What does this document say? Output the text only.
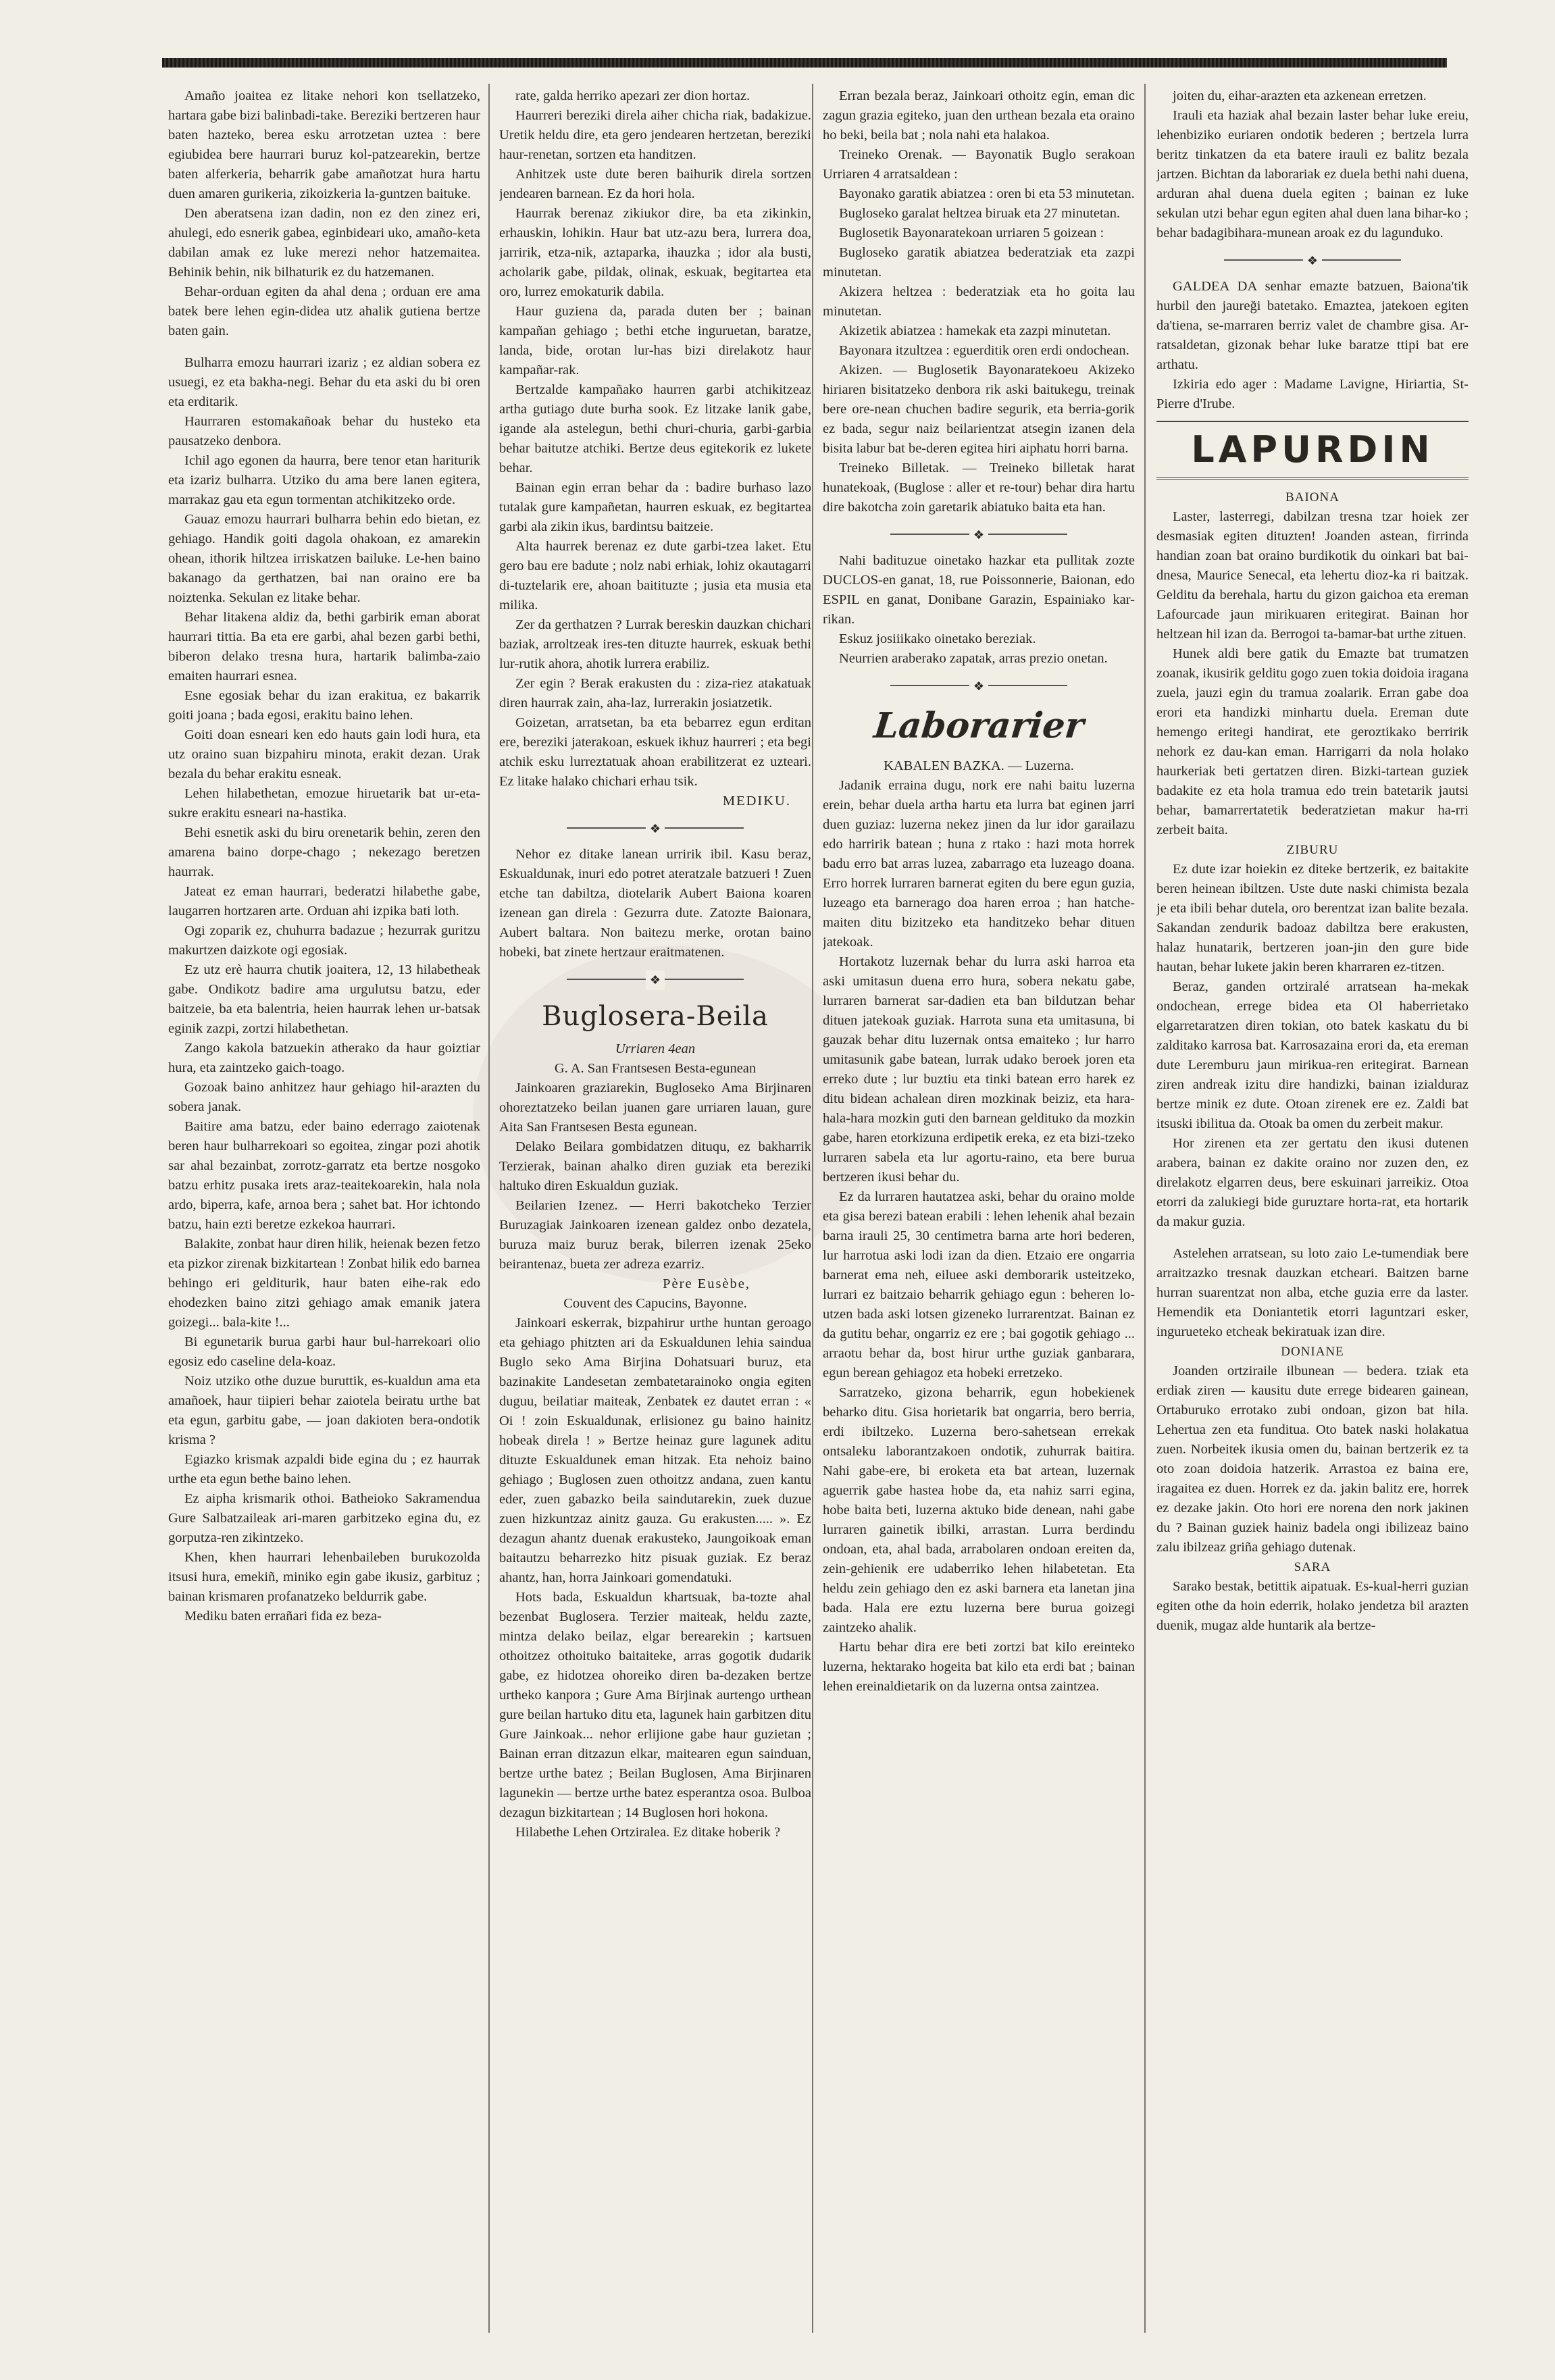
Amaño joaitea ez litake nehori kon tsellatzeko, hartara gabe bizi balinbadi-take. Bereziki bertzeren haur baten hazteko, berea esku arrotzetan uztea : bere egiubidea bere haurrari buruz kol-patzearekin, bertze baten alferkeria, beharrik gabe amañotzat hura hartu duen amaren gurikeria, zikoizkeria la-guntzen baituke.

Den aberatsena izan dadin, non ez den zinez eri, ahulegi, edo esnerik gabea, eginbideari uko, amaño-keta dabilan amak ez luke merezi nehor hatzemaitea. Behinik behin, nik bilhaturik ez du hatzemanen.

Behar-orduan egiten da ahal dena ; orduan ere ama batek bere lehen egin-didea utz ahalik gutiena bertze baten gain.

Bulharra emozu haurrari izariz ; ez aldian sobera ez usuegi, ez eta bakha-negi. Behar du eta aski du bi oren eta erditarik.

Haurraren estomakañoak behar du husteko eta pausatzeko denbora.

Ichil ago egonen da haurra, bere tenor etan hariturik eta izariz bulharra. Utziko du ama bere lanen egitera, marrakaz gau eta egun tormentan atchikitzeko orde.

Gauaz emozu haurrari bulharra behin edo bietan, ez gehiago. Handik goiti dagola ohakoan, ez amarekin ohean, ithorik hiltzea irriskatzen bailuke. Le-hen baino bakanago da gerthatzen, bai nan oraino ere ba noiztenka. Sekulan ez litake behar.

Behar litakena aldiz da, bethi garbirik eman aborat haurrari tittia. Ba eta ere garbi, ahal bezen garbi bethi, biberon delako tresna hura, hartarik balimba-zaio emaiten haurrari esnea.

Esne egosiak behar du izan erakitua, ez bakarrik goiti joana ; bada egosi, erakitu baino lehen.

Goiti doan esneari ken edo hauts gain lodi hura, eta utz oraino suan bizpahiru minota, erakit dezan. Urak bezala du behar erakitu esneak.

Lehen hilabethetan, emozue hiruetarik bat ur-eta-sukre erakitu esneari na-hastika.

Behi esnetik aski du biru orenetarik behin, zeren den amarena baino dorpe-chago ; nekezago beretzen haurrak.

Jateat ez eman haurrari, bederatzi hilabethe gabe, laugarren hortzaren arte. Orduan ahi izpika bati loth.

Ogi zoparik ez, chuhurra badazue ; hezurrak guritzu makurtzen daizkote ogi egosiak.

Ez utz erè haurra chutik joaitera, 12, 13 hilabetheak gabe. Ondikotz badire ama urgulutsu batzu, eder baitzeie, ba eta balentria, heien haurrak lehen ur-batsak eginik zazpi, zortzi hilabethetan.

Zango kakola batzuekin atherako da haur goiztiar hura, eta zaintzeko gaich-toago.

Gozoak baino anhitzez haur gehiago hil-arazten du sobera janak.

Baitire ama batzu, eder baino ederrago zaiotenak beren haur bulharrekoari so egoitea, zingar pozi ahotik sar ahal bezainbat, zorrotz-garratz eta bertze nosgoko batzu erhitz pusaka irets araz-teaitekoarekin, hala nola ardo, biperra, kafe, arnoa bera ; sahet bat. Hor ichtondo batzu, hain ezti beretze ezkekoa haurrari.

Balakite, zonbat haur diren hilik, heienak bezen fetzo eta pizkor zirenak bizkitartean ! Zonbat hilik edo barnea behingo eri gelditurik, haur baten eihe-rak edo ehodezken baino zitzi gehiago amak emanik jatera goizegi... bala-kite !...

Bi egunetarik burua garbi haur bul-harrekoari olio egosiz edo caseline dela-koaz.

Noiz utziko othe duzue buruttik, es-kualdun ama eta amañoek, haur tiipieri behar zaiotela beiratu urthe bat eta egun, garbitu gabe, — joan dakioten bera-ondotik krisma ?

Egiazko krismak azpaldi bide egina du ; ez haurrak urthe eta egun bethe baino lehen.

Ez aipha krismarik othoi. Batheioko Sakramendua Gure Salbatzaileak ari-maren garbitzeko egina du, ez gorputza-ren zikintzeko.

Khen, khen haurrari lehenbaileben burukozolda itsusi hura, emekiñ, miniko egin gabe ikusiz, garbituz ; bainan krismaren profanatzeko beldurrik gabe.

Mediku baten errañari fida ez beza-

rate, galda herriko apezari zer dion hortaz.

Haurreri bereziki direla aiher chicha riak, badakizue. Uretik heldu dire, eta gero jendearen hertzetan, bereziki haur-renetan, sortzen eta handitzen.

Anhitzek uste dute beren baihurik direla sortzen jendearen barnean. Ez da hori hola.

Haurrak berenaz zikiukor dire, ba eta zikinkin, erhauskin, lohikin. Haur bat utz-azu bera, lurrera doa, jarririk, etza-nik, aztaparka, ihauzka ; idor ala busti, acholarik gabe, pildak, olinak, eskuak, begitartea eta oro, lurrez emokaturik dabila.

Haur guziena da, parada duten ber ; bainan kampañan gehiago ; bethi etche inguruetan, baratze, landa, bide, orotan lur-has bizi direlakotz haur kampañar-rak.

Bertzalde kampañako haurren garbi atchikitzeaz artha gutiago dute burha sook. Ez litzake lanik gabe, igande ala astelegun, bethi churi-churia, garbi-garbia behar baitutze atchiki. Bertze deus egitekorik ez lukete behar.

Bainan egin erran behar da : badire burhaso lazo tutalak gure kampañetan, haurren eskuak, ez begitartea garbi ala zikin ikus, bardintsu baitzeie.

Alta haurrek berenaz ez dute garbi-tzea laket. Etu gero bau ere badute ; nolz nabi erhiak, lohiz okautagarri di-tuztelarik ere, ahoan baitituzte ; jusia eta musia eta milika.

Zer da gerthatzen ? Lurrak bereskin dauzkan chichari baziak, arroltzeak ires-ten dituzte haurrek, eskuak bethi lur-rutik ahora, ahotik lurrera erabiliz.

Zer egin ? Berak erakusten du : ziza-riez atakatuak diren haurrak zain, aha-laz, lurrerakin josiatzetik.

Goizetan, arratsetan, ba eta bebarrez egun erditan ere, bereziki jaterakoan, eskuek ikhuz haurreri ; eta begi atchik esku lurreztatuak ahoan erabilitzerat ez uzteari. Ez litake halako chichari erhau tsik.

MEDIKU.

❖

Nehor ez ditake lanean urririk ibil. Kasu beraz, Eskualdunak, inuri edo potret ateratzale batzueri ! Zuen etche tan dabiltza, diotelarik Aubert Baiona koaren izenean gan direla : Gezurra dute. Zatozte Baionara, Aubert baltara. Non baitezu merke, orotan baino hobeki, bat zinete hertzaur eraitmatenen.

❖
Buglosera-Beila

Urriaren 4ean

G. A. San Frantsesen Besta-egunean

Jainkoaren graziarekin, Bugloseko Ama Birjinaren ohoreztatzeko beilan juanen gare urriaren lauan, gure Aita San Frantsesen Besta egunean.

Delako Beilara gombidatzen dituqu, ez bakharrik Terzierak, bainan ahalko diren guziak eta bereziki haltuko diren Eskualdun guziak.

Beilarien Izenez. — Herri bakotcheko Terzier Buruzagiak Jainkoaren izenean galdez onbo dezatela, buruza maiz buruz berak, bilerren izenak 25eko beirantenaz, bueta zer adreza ezarriz.

Père Eusèbe,

Couvent des Capucins, Bayonne.

Jainkoari eskerrak, bizpahirur urthe huntan geroago eta gehiago phitzten ari da Eskualdunen lehia saindua Buglo seko Ama Birjina Dohatsuari buruz, eta bazinakite Landesetan zembatetarainoko ongia egiten duguu, beilatiar maiteak, Zenbatek ez dautet erran : « Oi ! zoin Eskualdunak, erlisionez gu baino hainitz hobeak direla ! » Bertze heinaz gure lagunek aditu dituzte Eskualdunek eman hitzak. Eta nehoiz baino gehiago ; Buglosen zuen othoitzz andana, zuen kantu eder, zuen gabazko beila saindutarekin, zuek duzue zuen hizkuntzaz ainitz gauza. Gu erakusten..... ». Ez dezagun ahantz duenak erakusteko, Jaungoikoak eman baitautzu beharrezko hitz pisuak guziak. Ez beraz ahantz, han, horra Jainkoari gomendatuki.

Hots bada, Eskualdun khartsuak, ba-tozte ahal bezenbat Buglosera. Terzier maiteak, heldu zazte, mintza delako beilaz, elgar berearekin ; kartsuen othoitzez othoituko baitaiteke, arras gogotik dudarik gabe, ez hidotzea ohoreiko diren ba-dezaken bertze urtheko kanpora ; Gure Ama Birjinak aurtengo urthean gure beilan hartuko ditu eta, lagunek hain garbitzen ditu Gure Jainkoak... nehor erlijione gabe haur guzietan ; Bainan erran ditzazun elkar, maitearen egun sainduan, bertze urthe batez ; Beilan Buglosen, Ama Birjinaren lagunekin — bertze urthe batez esperantza osoa. Bulboa dezagun bizkitartean ; 14 Buglosen hori hokona.

Hilabethe Lehen Ortziralea. Ez ditake hoberik ?

Erran bezala beraz, Jainkoari othoitz egin, eman dic zagun grazia egiteko, juan den urthean bezala eta oraino ho beki, beila bat ; nola nahi eta halakoa.

Treineko Orenak. — Bayonatik Buglo serakoan Urriaren 4 arratsaldean :

Bayonako garatik abiatzea : oren bi eta 53 minutetan.

Bugloseko garalat heltzea biruak eta 27 minutetan.

Buglosetik Bayonaratekoan urriaren 5 goizean :

Bugloseko garatik abiatzea bederatziak eta zazpi minutetan.

Akizera heltzea : bederatziak eta ho goita lau minutetan.

Akizetik abiatzea : hamekak eta zazpi minutetan.

Bayonara itzultzea : eguerditik oren erdi ondochean.

Akizen. — Buglosetik Bayonaratekoeu Akizeko hiriaren bisitatzeko denbora rik aski baitukegu, treinak bere ore-nean chuchen badire segurik, eta berria-gorik ez bada, segur naiz beilarientzat atsegin izanen dela bisita labur bat be-deren egitea hiri aiphatu horri barna.

Treineko Billetak. — Treineko billetak harat hunatekoak, (Buglose : aller et re-tour) behar dira hartu dire bakotcha zoin garetarik abiatuko baita eta han.

❖

Nahi badituzue oinetako hazkar eta pullitak zozte DUCLOS-en ganat, 18, rue Poissonnerie, Baionan, edo ESPIL en ganat, Donibane Garazin, Espainiako kar-rikan.

Eskuz josiiikako oinetako bereziak.

Neurrien araberako zapatak, arras prezio onetan.

❖
Laborarier

KABALEN BAZKA. — Luzerna.

Jadanik erraina dugu, nork ere nahi baitu luzerna erein, behar duela artha hartu eta lurra bat eginen jarri duen guziaz: luzerna nekez jinen da lur idor garailazu edo harririk batean ; huna z rtako : hazi mota horrek badu erro bat arras luzea, zabarrago eta luzeago doana. Erro horrek lurraren barnerat egiten du bere egun guzia, luzeago eta barnerago doa haren erroa ; han hatche-maiten ditu bizitzeko eta handitzeko behar dituen jatekoak.

Hortakotz luzernak behar du lurra aski harroa eta aski umitasun duena erro hura, sobera nekatu gabe, lurraren barnerat sar-dadien eta ban bildutzan behar dituen jatekoak guziak. Harrota suna eta umitasuna, bi gauzak behar ditu luzernak ontsa emaiteko ; lur harro umitasunik gabe batean, lurrak udako beroek joren eta erreko dute ; lur buztiu eta tinki batean erro harek ez ditu bidean achalean diren mozkinak beiziz, eta hara-hala-hara mozkin guti den barnean geldituko da mozkin gabe, haren etorkizuna erdipetik ereka, ez eta bizi-tzeko lurraren sabela eta lur agortu-raino, eta bere burua bertzeren ikusi behar du.

Ez da lurraren hautatzea aski, behar du oraino molde eta gisa berezi batean erabili : lehen lehenik ahal bezain barna irauli 25, 30 centimetra barna arte hori bederen, lur harrotua aski lodi izan da dien. Etzaio ere ongarria barnerat ema neh, eiluee aski demborarik usteitzeko, lurrari ez baitzaio beharrik gehiago egun : beheren lo-utzen bada aski lotsen gizeneko lurrarentzat. Bainan ez da gutitu behar, ongarriz ez ere ; bai gogotik gehiago ... arraotu behar da, bost hirur urthe guziak ganbarara, egun berean gehiagoz eta hobeki erretzeko.

Sarratzeko, gizona beharrik, egun hobekienek beharko ditu. Gisa horietarik bat ongarria, bero berria, erdi ibiltzeko. Luzerna bero-sahetsean errekak ontsaleku laborantzakoen ondotik, zuhurrak baitira. Nahi gabe-ere, bi eroketa eta bat artean, luzernak aguerrik gabe hastea hobe da, eta nahiz sarri egina, hobe baita beti, luzerna aktuko bide denean, nahi gabe lurraren gainetik ibilki, arrastan. Lurra berdindu ondoan, eta, ahal bada, arrabolaren ondoan ereiten da, zein-gehienik ere udaberriko lehen hilabetetan. Eta heldu zein gehiago den ez aski barnera eta lanetan jina bada. Hala ere eztu luzerna bere burua goizegi zaintzeko ahalik.

Hartu behar dira ere beti zortzi bat kilo ereinteko luzerna, hektarako hogeita bat kilo eta erdi bat ; bainan lehen ereinaldietarik on da luzerna ontsa zaintzea.

joiten du, eihar-arazten eta azkenean erretzen.

Irauli eta haziak ahal bezain laster behar luke ereiu, lehenbiziko euriaren ondotik bederen ; bertzela lurra beritz tinkatzen da eta batere irauli ez balitz bezala jartzen. Bichtan da laborariak ez duela bethi nahi duena, arduran ahal duena duela egiten ; bainan ez luke sekulan utzi behar egun egiten ahal duen lana bihar-ko ; behar badagibihara-munean aroak ez du lagunduko.

❖

GALDEA DA senhar emazte batzuen, Baiona'tik hurbil den jaureği batetako. Emaztea, jatekoen egiten da'tiena, se-marraren berriz valet de chambre gisa. Ar-ratsaldetan, gizonak behar luke baratze ttipi bat ere arthatu.

Izkiria edo ager : Madame Lavigne, Hiriartia, St-Pierre d'Irube.

LAPURDIN

BAIONA

Laster, lasterregi, dabilzan tresna tzar hoiek zer desmasiak egiten dituzten! Joanden astean, firrinda handian zoan bat oraino burdikotik du oinkari bat bai-dnesa, Maurice Senecal, eta lehertu dioz-ka ri baitzak. Gelditu da berehala, hartu du gizon gaichoa eta ereman Lafourcade jaun mirikuaren eritegirat. Bainan hor heltzean hil izan da. Berrogoi ta-bamar-bat urthe zituen.

Hunek aldi bere gatik du Emazte bat trumatzen zoanak, ikusirik gelditu gogo zuen tokia doidoia iragana zuela, jauzi egin du tramua zoalarik. Erran gabe doa erori eta handizki minhartu duela. Ereman dute hemengo eritegi handirat, ete geroztikako berririk nehork ez dau-kan eman. Harrigarri da nola holako haurkeriak beti gertatzen diren. Bizki-tartean guziek badakite ez eta hola tramua edo trein batetarik jautsi behar, bamarrertatetik bederatzietan makur ha-rri zerbeit baita.

ZIBURU

Ez dute izar hoiekin ez diteke bertzerik, ez baitakite beren heinean ibiltzen. Uste dute naski chimista bezala je eta ibili behar dutela, oro berentzat izan balite bezala. Sakandan zendurik badoaz dabiltza bere erakusten, halaz hunatarik, bertzeren joan-jin den gure bide hautan, behar lukete jakin beren kharraren ez-titzen.

Beraz, ganden ortziralé arratsean ha-mekak ondochean, errege bidea eta Ol haberrietako elgarretaratzen diren tokian, oto batek kaskatu du bi zalditako karrosa bat. Karrosazaina erori da, eta ereman dute Leremburu jaun mirikua-ren eritegirat. Barnean ziren andreak izitu dire handizki, bainan izialduraz bertze minik ez dute. Otoan zirenek ere ez. Zaldi bat itsuski ibilitua da. Otoak ba omen du zerbeit makur.

Hor zirenen eta zer gertatu den ikusi dutenen arabera, bainan ez dakite oraino nor zuzen den, ez direlakotz elgarren deus, bere eskuinari jarreikiz. Otoa etorri da zalukiegi bide guruztare horta-rat, eta hortarik da makur guzia.

Astelehen arratsean, su loto zaio Le-tumendiak bere arraitzazko tresnak dauzkan etcheari. Baitzen barne hurran suarentzat non alba, etche guzia erre da laster. Hemendik eta Doniantetik etorri laguntzari esker, ingurueteko etcheak bekiratuak izan dire.

DONIANE

Joanden ortziraile ilbunean — bedera. tziak eta erdiak ziren — kausitu dute errege bidearen gainean, Ortaburuko errotako zubi ondoan, gizon bat hila. Lehertua zen eta funditua. Oto batek naski holakatua zuen. Norbeitek ikusia omen du, bainan bertzerik ez ta oto zoan doidoia hatzerik. Arrastoa ez baina ere, iragaitea ez duen. Horrek ez da. jakin balitz ere, horrek ez dezake jakin. Oto hori ere norena den nork jakinen du ? Bainan guziek hainiz badela ongi ibilizeaz baino zalu ibilzeaz griña gehiago dutenak.

SARA

Sarako bestak, betittik aipatuak. Es-kual-herri guzian egiten othe da hoin ederrik, holako jendetza bil arazten duenik, mugaz alde huntarik ala bertze-
